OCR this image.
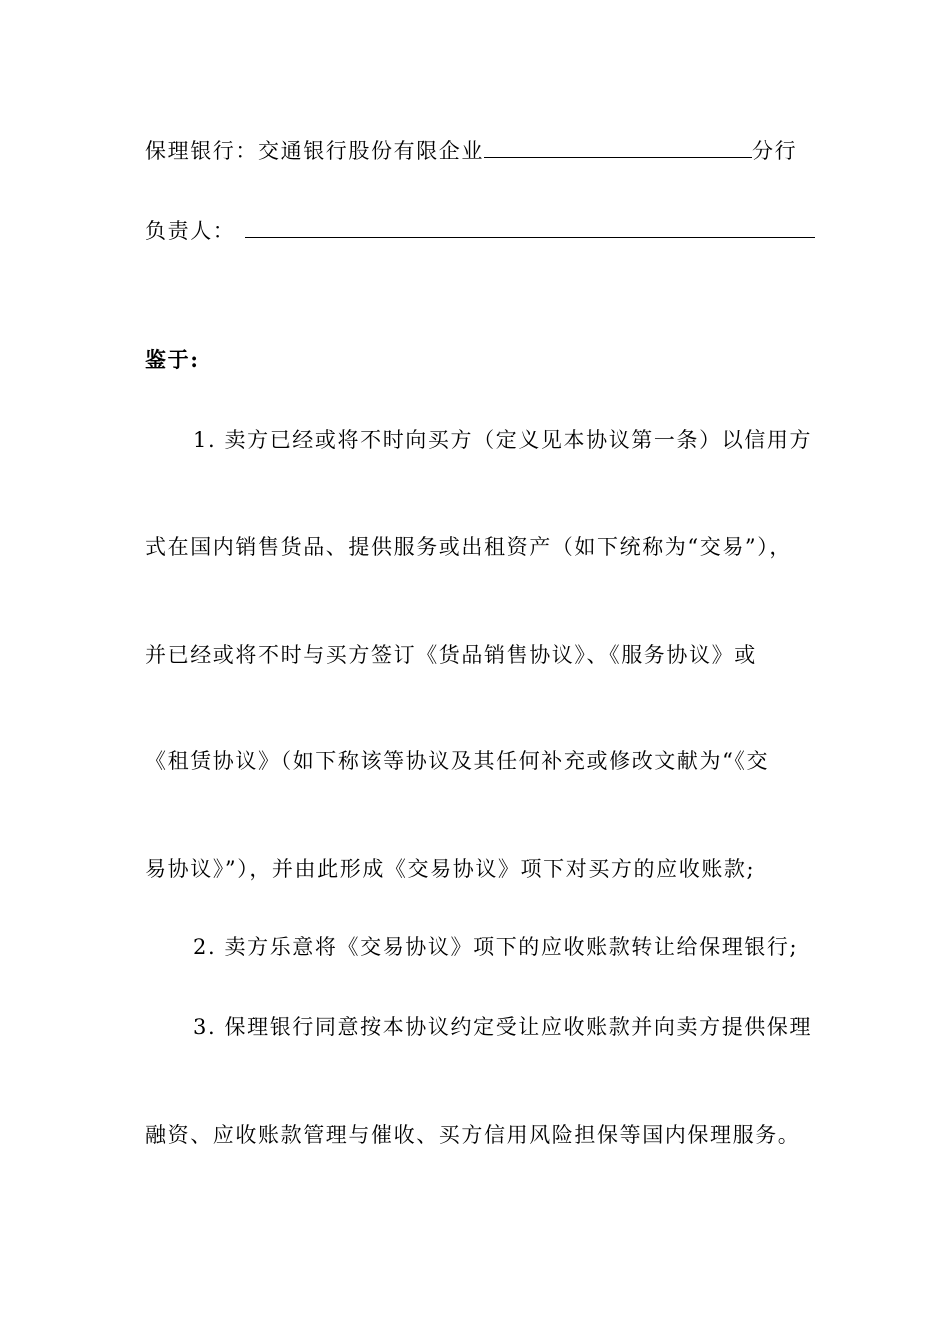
保理银行：交通银行股份有限企业	分行
负责人：
鉴于:
1. 卖方已经或将不时向买方（定义见本协议第一条）以信用方
式在国内销售货品、提供服务或出租资产（如下统称为“交易”），
并已经或将不时与买方签订《货品销售协议》、《服务协议》或
《租赁协议》（如下称该等协议及其任何补充或修改文献为“《交
易协议》”），并由此形成《交易协议》项下对买方的应收账款;
2. 卖方乐意将《交易协议》项下的应收账款转让给保理银行;
3. 保理银行同意按本协议约定受让应收账款并向卖方提供保理
融资、应收账款管理与催收、买方信用风险担保等国内保理服务。
